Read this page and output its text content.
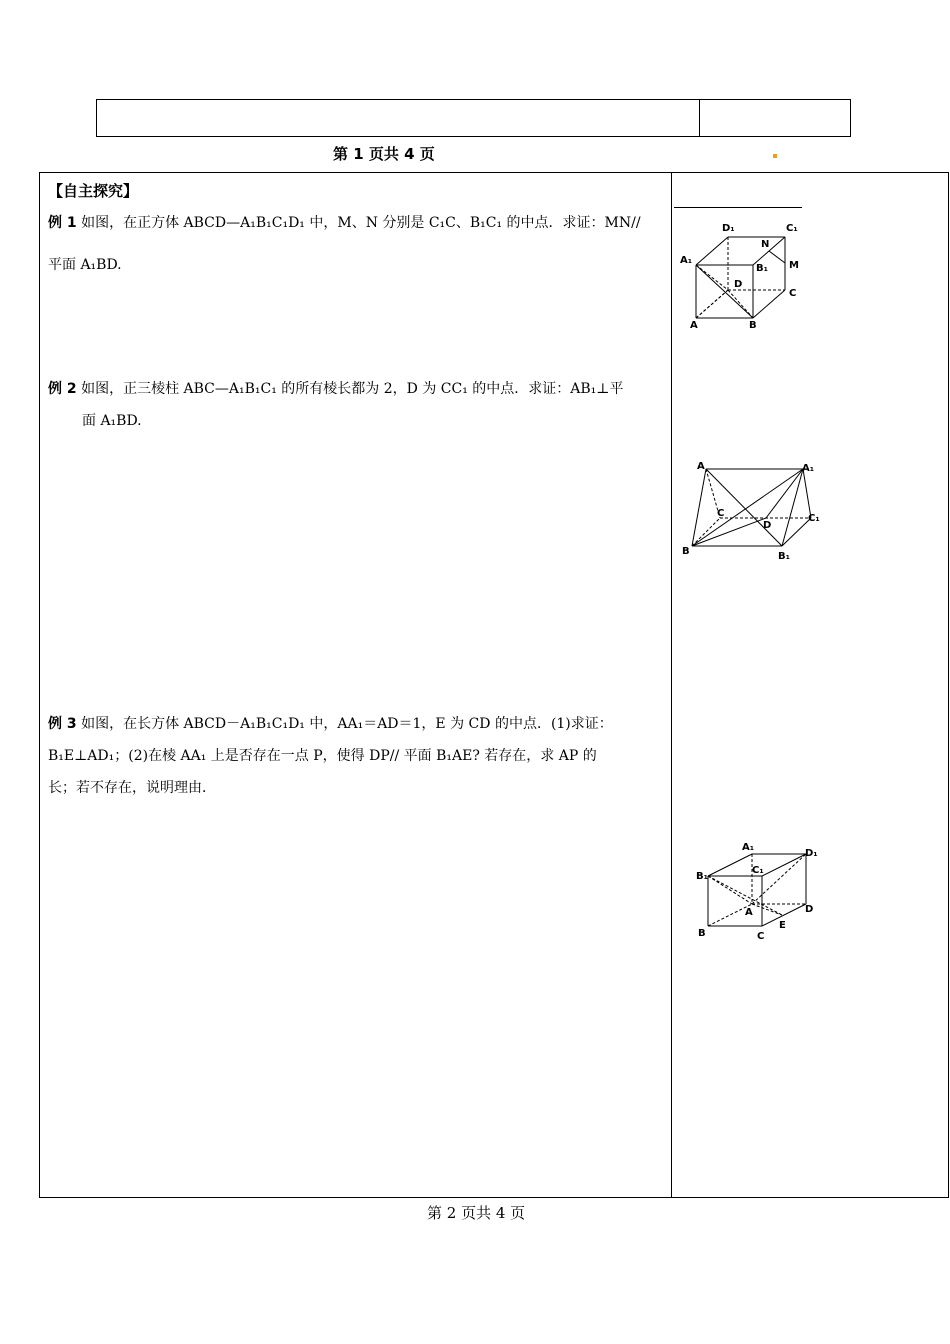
第 1 页共 4 页
【自主探究】
例 1 如图，在正方体 ABCD—A₁B₁C₁D₁ 中，M、N 分别是 C₁C、B₁C₁ 的中点．求证：MN//
平面 A₁BD.
例 2 如图，正三棱柱 ABC—A₁B₁C₁ 的所有棱长都为 2，D 为 CC₁ 的中点．求证：AB₁⊥平
面 A₁BD.
例 3 如图，在长方体 ABCD－A₁B₁C₁D₁ 中，AA₁＝AD＝1，E 为 CD 的中点．(1)求证：
B₁E⊥AD₁；(2)在棱 AA₁ 上是否存在一点 P，使得 DP// 平面 B₁AE? 若存在，求 AP 的
长；若不存在，说明理由．
D₁	C₁
N
A₁
B₁ M
D
C
A	B
A	A₁
C
D
C₁
B	B₁
A₁
D₁
C₁
B₁
A	D
E
B	C
第 2 页共 4 页
